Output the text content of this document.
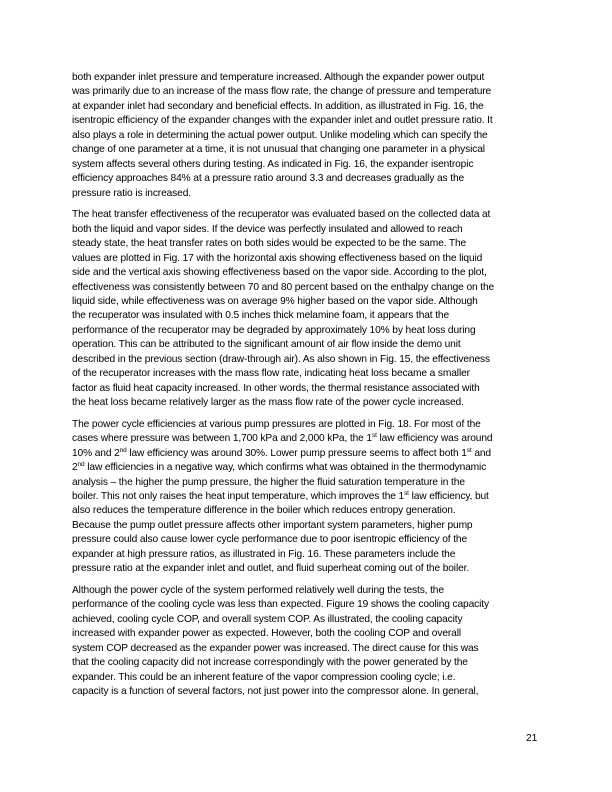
both expander inlet pressure and temperature increased. Although the expander power output
was primarily due to an increase of the mass flow rate, the change of pressure and temperature
at expander inlet had secondary and beneficial effects. In addition, as illustrated in Fig. 16, the
isentropic efficiency of the expander changes with the expander inlet and outlet pressure ratio. It
also plays a role in determining the actual power output. Unlike modeling which can specify the
change of one parameter at a time, it is not unusual that changing one parameter in a physical
system affects several others during testing. As indicated in Fig. 16, the expander isentropic
efficiency approaches 84% at a pressure ratio around 3.3 and decreases gradually as the
pressure ratio is increased.

The heat transfer effectiveness of the recuperator was evaluated based on the collected data at
both the liquid and vapor sides. If the device was perfectly insulated and allowed to reach
steady state, the heat transfer rates on both sides would be expected to be the same. The
values are plotted in Fig. 17 with the horizontal axis showing effectiveness based on the liquid
side and the vertical axis showing effectiveness based on the vapor side. According to the plot,
effectiveness was consistently between 70 and 80 percent based on the enthalpy change on the
liquid side, while effectiveness was on average 9% higher based on the vapor side. Although
the recuperator was insulated with 0.5 inches thick melamine foam, it appears that the
performance of the recuperator may be degraded by approximately 10% by heat loss during
operation. This can be attributed to the significant amount of air flow inside the demo unit
described in the previous section (draw-through air). As also shown in Fig. 15, the effectiveness
of the recuperator increases with the mass flow rate, indicating heat loss became a smaller
factor as fluid heat capacity increased. In other words, the thermal resistance associated with
the heat loss became relatively larger as the mass flow rate of the power cycle increased.

The power cycle efficiencies at various pump pressures are plotted in Fig. 18. For most of the
cases where pressure was between 1,700 kPa and 2,000 kPa, the 1st law efficiency was around
10% and 2nd law efficiency was around 30%. Lower pump pressure seems to affect both 1st and
2nd law efficiencies in a negative way, which confirms what was obtained in the thermodynamic
analysis – the higher the pump pressure, the higher the fluid saturation temperature in the
boiler. This not only raises the heat input temperature, which improves the 1st law efficiency, but
also reduces the temperature difference in the boiler which reduces entropy generation.
Because the pump outlet pressure affects other important system parameters, higher pump
pressure could also cause lower cycle performance due to poor isentropic efficiency of the
expander at high pressure ratios, as illustrated in Fig. 16. These parameters include the
pressure ratio at the expander inlet and outlet, and fluid superheat coming out of the boiler.

Although the power cycle of the system performed relatively well during the tests, the
performance of the cooling cycle was less than expected. Figure 19 shows the cooling capacity
achieved, cooling cycle COP, and overall system COP. As illustrated, the cooling capacity
increased with expander power as expected. However, both the cooling COP and overall
system COP decreased as the expander power was increased. The direct cause for this was
that the cooling capacity did not increase correspondingly with the power generated by the
expander. This could be an inherent feature of the vapor compression cooling cycle; i.e.
capacity is a function of several factors, not just power into the compressor alone. In general,

21
